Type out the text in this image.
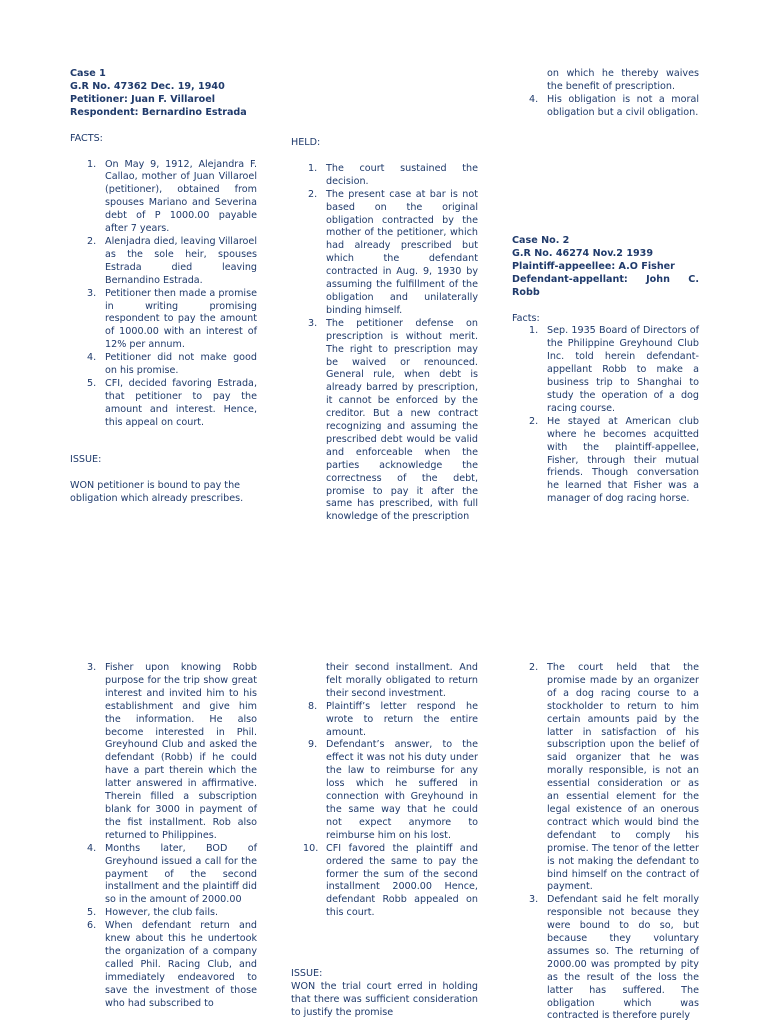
Case 1

G.R No. 47362 Dec. 19, 1940

Petitioner: Juan F. Villaroel

Respondent: Bernardino Estrada

FACTS:

1. On May 9, 1912, Alejandra F. Callao, mother of Juan Villaroel (petitioner), obtained from spouses Mariano and Severina debt of P 1000.00 payable after 7 years.
2. Alenjadra died, leaving Villaroel as the sole heir, spouses Estrada died leaving Bernandino Estrada.
3. Petitioner then made a promise in writing promising respondent to pay the amount of 1000.00 with an interest of 12% per annum.
4. Petitioner did not make good on his promise.
5. CFI, decided favoring Estrada, that petitioner to pay the amount and interest. Hence, this appeal on court.

ISSUE:

WON petitioner is bound to pay the obligation which already prescribes.

HELD:

1. The court sustained the decision.
2. The present case at bar is not based on the original obligation contracted by the mother of the petitioner, which had already prescribed but which the defendant contracted in Aug. 9, 1930 by assuming the fulfillment of the obligation and unilaterally binding himself.
3. The petitioner defense on prescription is without merit. The right to prescription may be waived or renounced. General rule, when debt is already barred by prescription, it cannot be enforced by the creditor. But a new contract recognizing and assuming the prescribed debt would be valid and enforceable when the parties acknowledge the correctness of the debt, promise to pay it after the same has prescribed, with full knowledge of the prescription

on which he thereby waives the benefit of prescription.

4. His obligation is not a moral obligation but a civil obligation.

Case No. 2

G.R No. 46274 Nov.2 1939

Plaintiff-appeellee: A.O Fisher

Defendant-appellant: John C. Robb

Facts:

1. Sep. 1935 Board of Directors of the Philippine Greyhound Club Inc. told herein defendant-appellant Robb to make a business trip to Shanghai to study the operation of a dog racing course.
2. He stayed at American club where he becomes acquitted with the plaintiff-appellee, Fisher, through their mutual friends. Though conversation he learned that Fisher was a manager of dog racing horse.
3. Fisher upon knowing Robb purpose for the trip show great interest and invited him to his establishment and give him the information. He also become interested in Phil. Greyhound Club and asked the defendant (Robb) if he could have a part therein which the latter answered in affirmative. Therein filled a subscription blank for 3000 in payment of the fist installment. Rob also returned to Philippines.
4. Months later, BOD of Greyhound issued a call for the payment of the second installment and the plaintiff did so in the amount of 2000.00
5. However, the club fails.
6. When defendant return and knew about this he undertook the organization of a company called Phil. Racing Club, and immediately endeavored to save the investment of those who had subscribed to

their second installment. And felt morally obligated to return their second investment.

8. Plaintiff’s letter respond he wrote to return the entire amount.
9. Defendant’s answer, to the effect it was not his duty under the law to reimburse for any loss which he suffered in connection with Greyhound in the same way that he could not expect anymore to reimburse him on his lost.
10. CFI favored the plaintiff and ordered the same to pay the former the sum of the second installment 2000.00 Hence, defendant Robb appealed on this court.

ISSUE:

WON the trial court erred in holding that there was sufficient consideration to justify the promise

2. The court held that the promise made by an organizer of a dog racing course to a stockholder to return to him certain amounts paid by the latter in satisfaction of his subscription upon the belief of said organizer that he was morally responsible, is not an essential consideration or as an essential element for the legal existence of an onerous contract which would bind the defendant to comply his promise. The tenor of the letter is not making the defendant to bind himself on the contract of payment.
3. Defendant said he felt morally responsible not because they were bound to do so, but because they voluntary assumes so. The returning of 2000.00 was prompted by pity as the result of the loss the latter has suffered. The obligation which was contracted is therefore purely
